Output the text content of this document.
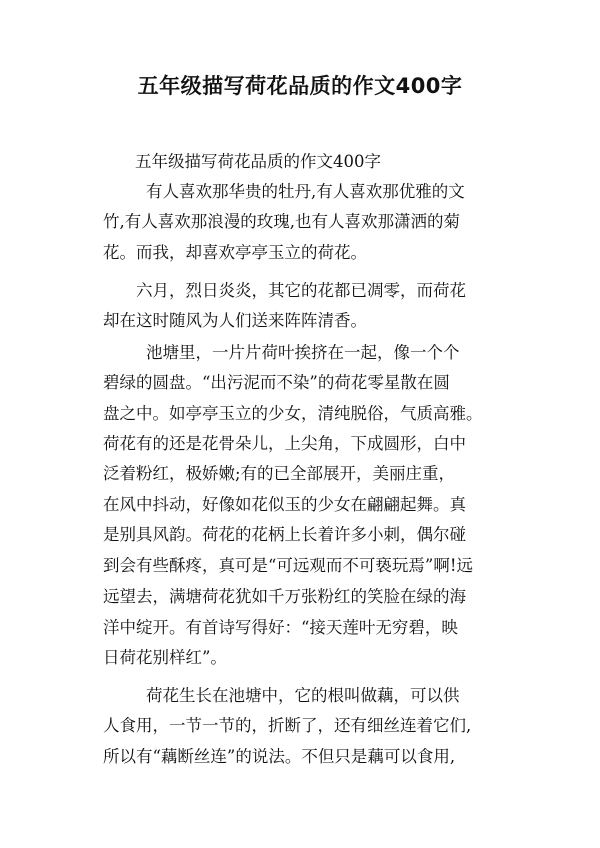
五年级描写荷花品质的作文400字
五年级描写荷花品质的作文400字
有人喜欢那华贵的牡丹,有人喜欢那优雅的文
竹,有人喜欢那浪漫的玫瑰,也有人喜欢那潇洒的菊
花。而我，却喜欢亭亭玉立的荷花。
六月，烈日炎炎，其它的花都已凋零，而荷花
却在这时随风为人们送来阵阵清香。
池塘里，一片片荷叶挨挤在一起，像一个个
碧绿的圆盘。“出污泥而不染”的荷花零星散在圆
盘之中。如亭亭玉立的少女，清纯脱俗，气质高雅。
荷花有的还是花骨朵儿，上尖角，下成圆形，白中
泛着粉红，极娇嫩;有的已全部展开，美丽庄重，
在风中抖动，好像如花似玉的少女在翩翩起舞。真
是别具风韵。荷花的花柄上长着许多小刺，偶尔碰
到会有些酥疼，真可是“可远观而不可亵玩焉”啊!远
远望去，满塘荷花犹如千万张粉红的笑脸在绿的海
洋中绽开。有首诗写得好：“接天莲叶无穷碧，映
日荷花别样红”。
荷花生长在池塘中，它的根叫做藕，可以供
人食用，一节一节的，折断了，还有细丝连着它们,
所以有“藕断丝连”的说法。不但只是藕可以食用,
